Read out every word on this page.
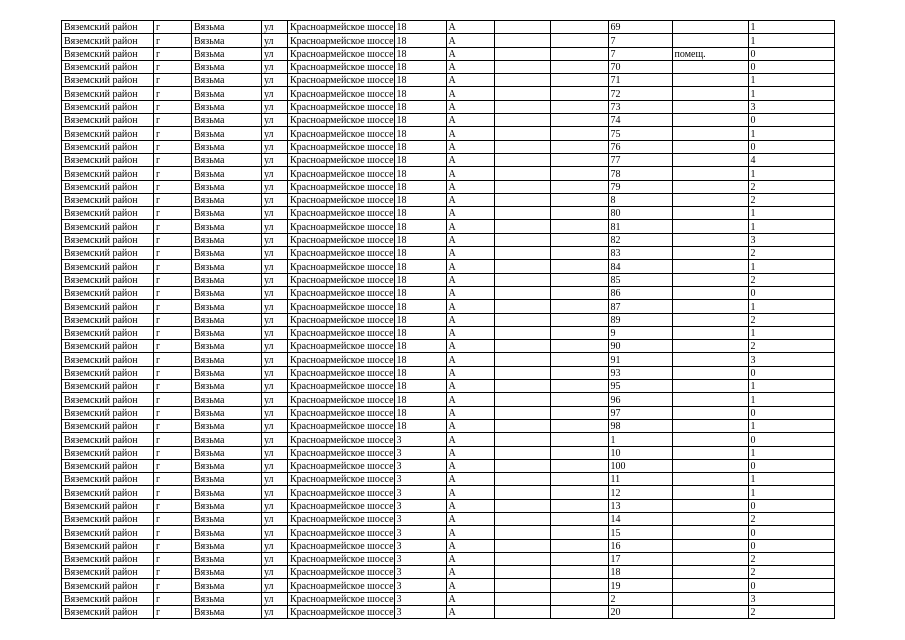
Вяземский район	г	Вязьма	ул	Красноармейское шоссе	18	А			69		1
Вяземский район	г	Вязьма	ул	Красноармейское шоссе	18	А			7		1
Вяземский район	г	Вязьма	ул	Красноармейское шоссе	18	А			7	помещ.	0
Вяземский район	г	Вязьма	ул	Красноармейское шоссе	18	А			70		0
Вяземский район	г	Вязьма	ул	Красноармейское шоссе	18	А			71		1
Вяземский район	г	Вязьма	ул	Красноармейское шоссе	18	А			72		1
Вяземский район	г	Вязьма	ул	Красноармейское шоссе	18	А			73		3
Вяземский район	г	Вязьма	ул	Красноармейское шоссе	18	А			74		0
Вяземский район	г	Вязьма	ул	Красноармейское шоссе	18	А			75		1
Вяземский район	г	Вязьма	ул	Красноармейское шоссе	18	А			76		0
Вяземский район	г	Вязьма	ул	Красноармейское шоссе	18	А			77		4
Вяземский район	г	Вязьма	ул	Красноармейское шоссе	18	А			78		1
Вяземский район	г	Вязьма	ул	Красноармейское шоссе	18	А			79		2
Вяземский район	г	Вязьма	ул	Красноармейское шоссе	18	А			8		2
Вяземский район	г	Вязьма	ул	Красноармейское шоссе	18	А			80		1
Вяземский район	г	Вязьма	ул	Красноармейское шоссе	18	А			81		1
Вяземский район	г	Вязьма	ул	Красноармейское шоссе	18	А			82		3
Вяземский район	г	Вязьма	ул	Красноармейское шоссе	18	А			83		2
Вяземский район	г	Вязьма	ул	Красноармейское шоссе	18	А			84		1
Вяземский район	г	Вязьма	ул	Красноармейское шоссе	18	А			85		2
Вяземский район	г	Вязьма	ул	Красноармейское шоссе	18	А			86		0
Вяземский район	г	Вязьма	ул	Красноармейское шоссе	18	А			87		1
Вяземский район	г	Вязьма	ул	Красноармейское шоссе	18	А			89		2
Вяземский район	г	Вязьма	ул	Красноармейское шоссе	18	А			9		1
Вяземский район	г	Вязьма	ул	Красноармейское шоссе	18	А			90		2
Вяземский район	г	Вязьма	ул	Красноармейское шоссе	18	А			91		3
Вяземский район	г	Вязьма	ул	Красноармейское шоссе	18	А			93		0
Вяземский район	г	Вязьма	ул	Красноармейское шоссе	18	А			95		1
Вяземский район	г	Вязьма	ул	Красноармейское шоссе	18	А			96		1
Вяземский район	г	Вязьма	ул	Красноармейское шоссе	18	А			97		0
Вяземский район	г	Вязьма	ул	Красноармейское шоссе	18	А			98		1
Вяземский район	г	Вязьма	ул	Красноармейское шоссе	3	А			1		0
Вяземский район	г	Вязьма	ул	Красноармейское шоссе	3	А			10		1
Вяземский район	г	Вязьма	ул	Красноармейское шоссе	3	А			100		0
Вяземский район	г	Вязьма	ул	Красноармейское шоссе	3	А			11		1
Вяземский район	г	Вязьма	ул	Красноармейское шоссе	3	А			12		1
Вяземский район	г	Вязьма	ул	Красноармейское шоссе	3	А			13		0
Вяземский район	г	Вязьма	ул	Красноармейское шоссе	3	А			14		2
Вяземский район	г	Вязьма	ул	Красноармейское шоссе	3	А			15		0
Вяземский район	г	Вязьма	ул	Красноармейское шоссе	3	А			16		0
Вяземский район	г	Вязьма	ул	Красноармейское шоссе	3	А			17		2
Вяземский район	г	Вязьма	ул	Красноармейское шоссе	3	А			18		2
Вяземский район	г	Вязьма	ул	Красноармейское шоссе	3	А			19		0
Вяземский район	г	Вязьма	ул	Красноармейское шоссе	3	А			2		3
Вяземский район	г	Вязьма	ул	Красноармейское шоссе	3	А			20		2
